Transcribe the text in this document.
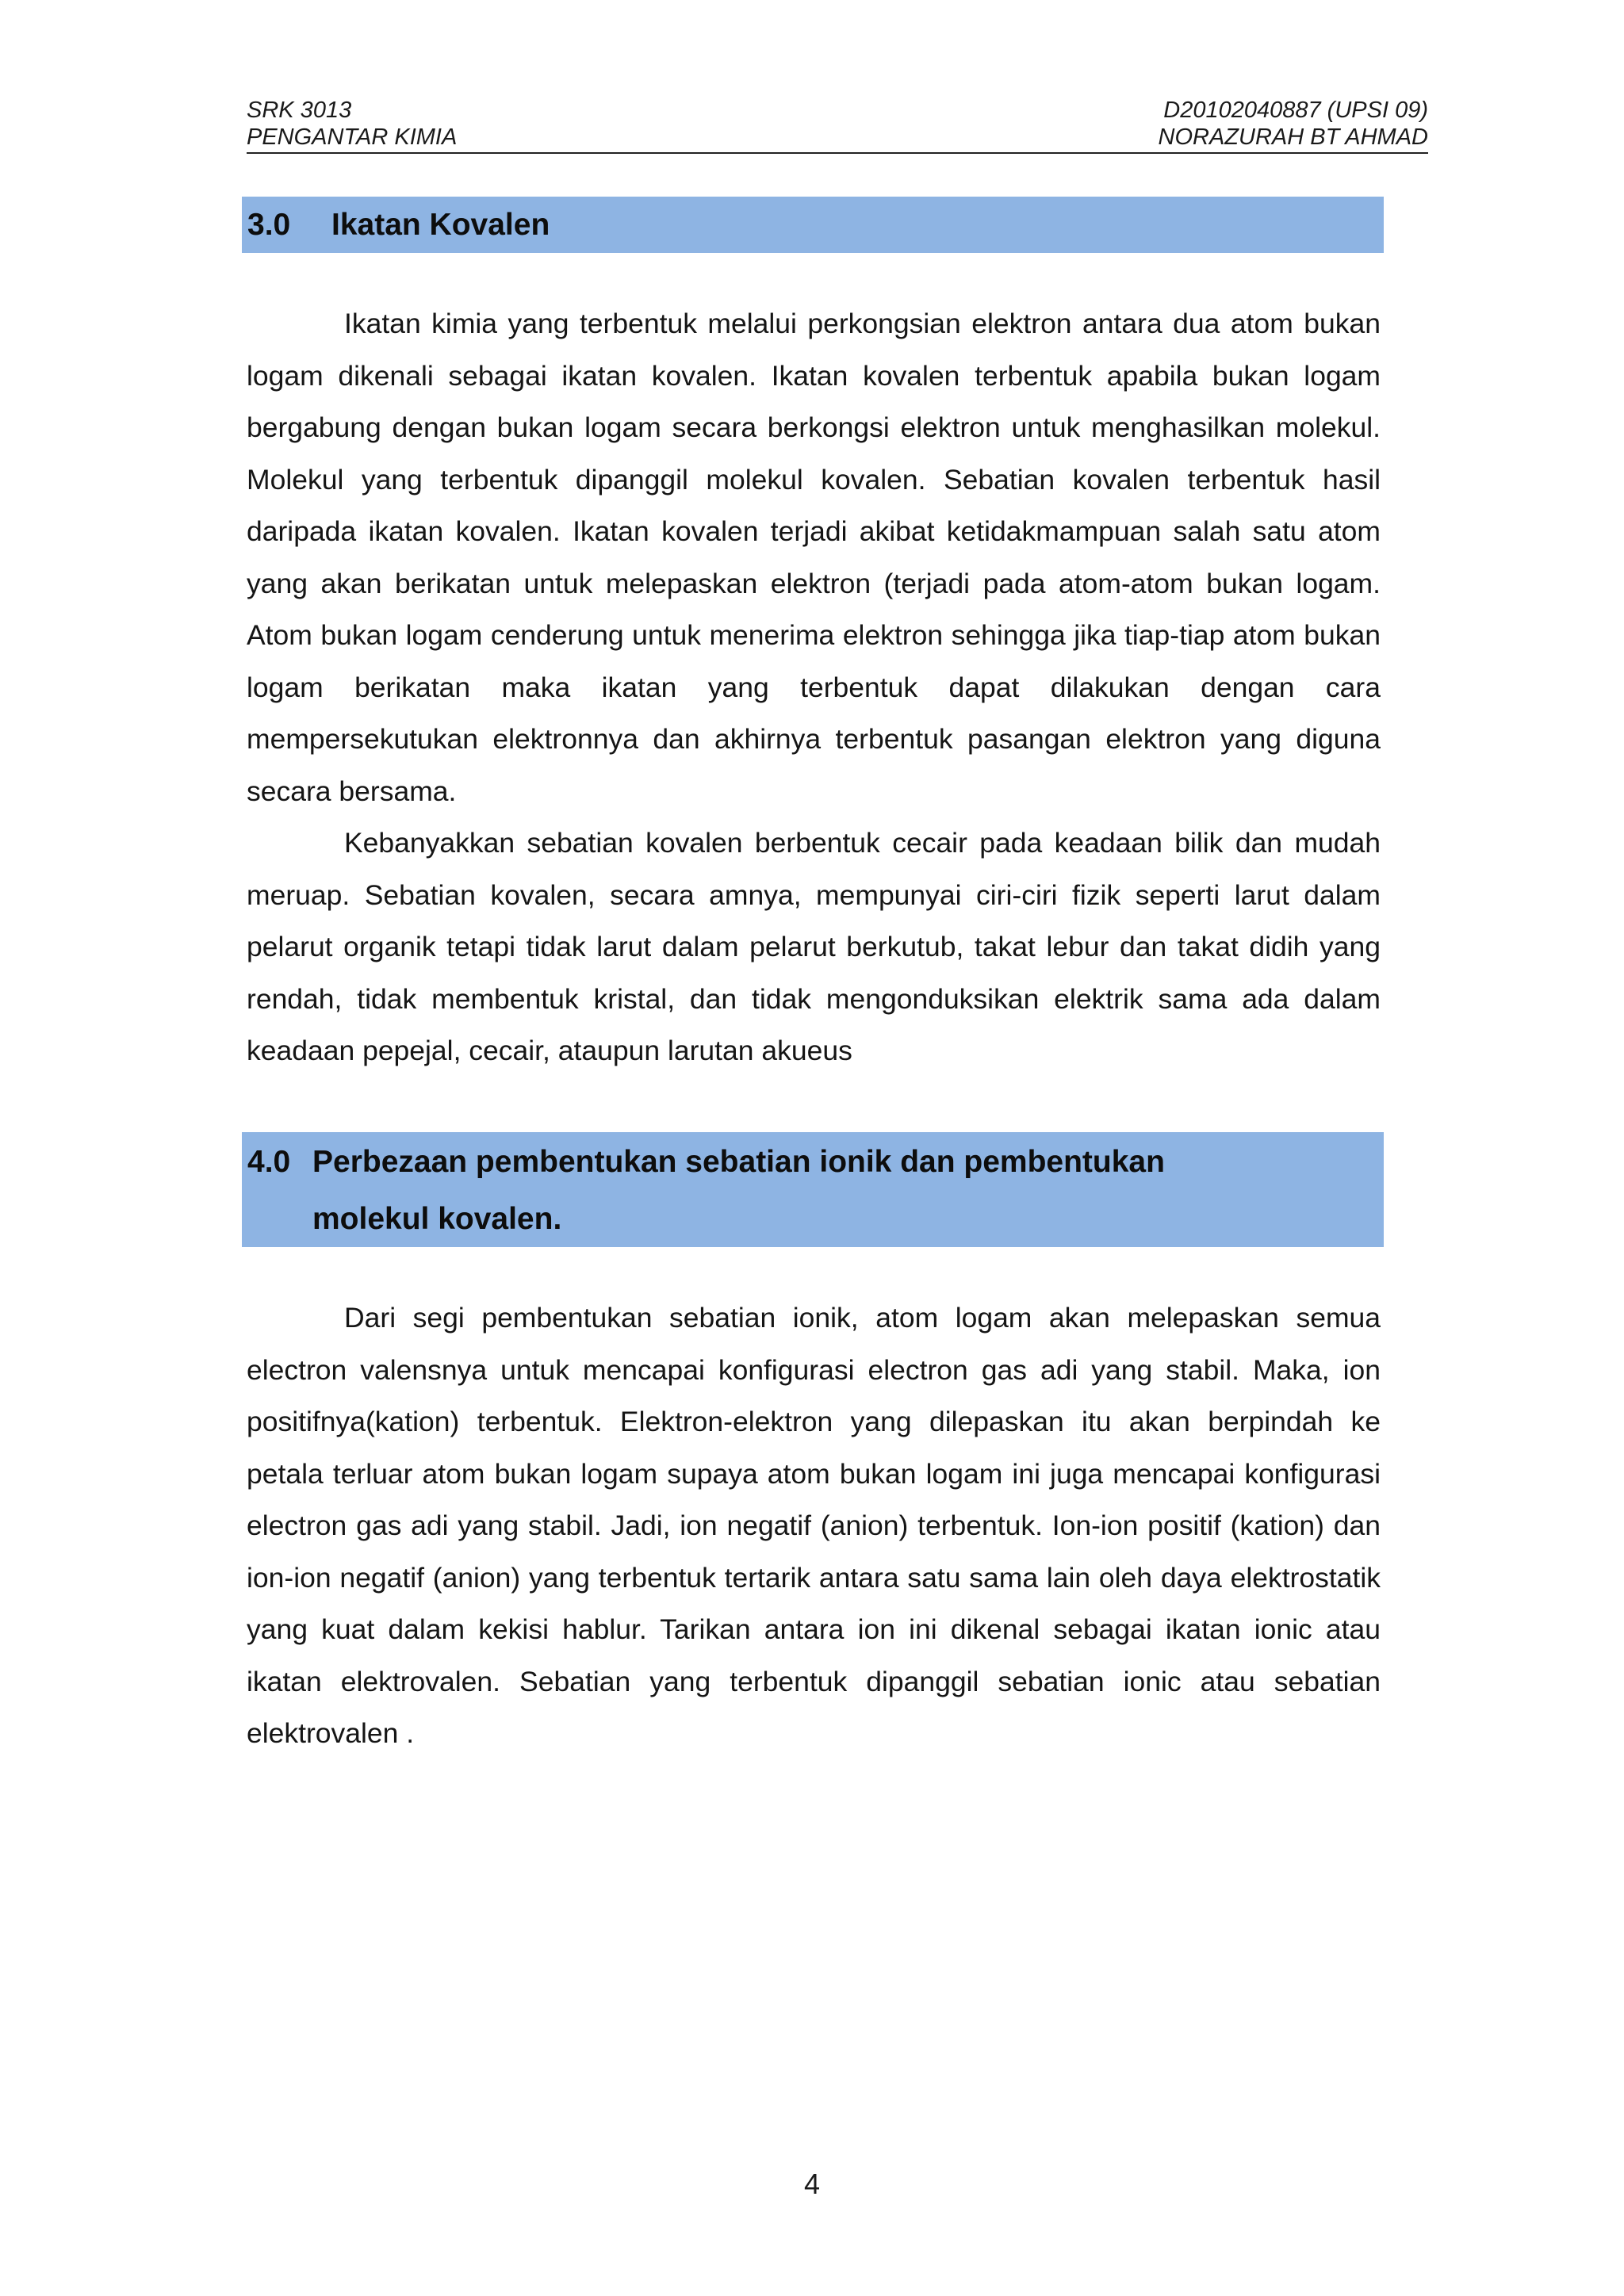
SRK 3013
PENGANTAR KIMIA
D20102040887 (UPSI 09)
NORAZURAH BT AHMAD
3.0 Ikatan Kovalen

Ikatan kimia yang terbentuk melalui perkongsian elektron antara dua atom bukan logam dikenali sebagai ikatan kovalen. Ikatan kovalen terbentuk apabila bukan logam bergabung dengan bukan logam secara berkongsi elektron untuk menghasilkan molekul. Molekul yang terbentuk dipanggil molekul kovalen. Sebatian kovalen terbentuk hasil daripada ikatan kovalen. Ikatan kovalen terjadi akibat ketidakmampuan salah satu atom yang akan berikatan untuk melepaskan elektron (terjadi pada atom-atom bukan logam. Atom bukan logam cenderung untuk menerima elektron sehingga jika tiap-tiap atom bukan logam berikatan maka ikatan yang terbentuk dapat dilakukan dengan cara mempersekutukan elektronnya dan akhirnya terbentuk pasangan elektron yang diguna secara bersama.

Kebanyakkan sebatian kovalen berbentuk cecair pada keadaan bilik dan mudah meruap. Sebatian kovalen, secara amnya, mempunyai ciri-ciri fizik seperti larut dalam pelarut organik tetapi tidak larut dalam pelarut berkutub, takat lebur dan takat didih yang rendah, tidak membentuk kristal, dan tidak mengonduksikan elektrik sama ada dalam keadaan pepejal, cecair, ataupun larutan akueus

4.0 Perbezaan pembentukan sebatian ionik dan pembentukan
molekul kovalen.

Dari segi pembentukan sebatian ionik, atom logam akan melepaskan semua electron valensnya untuk mencapai konfigurasi electron gas adi yang stabil. Maka, ion positifnya(kation) terbentuk. Elektron-elektron yang dilepaskan itu akan berpindah ke petala terluar atom bukan logam supaya atom bukan logam ini juga mencapai konfigurasi electron gas adi yang stabil. Jadi, ion negatif (anion) terbentuk. Ion-ion positif (kation) dan ion-ion negatif (anion) yang terbentuk tertarik antara satu sama lain oleh daya elektrostatik yang kuat dalam kekisi hablur. Tarikan antara ion ini dikenal sebagai ikatan ionic atau ikatan elektrovalen. Sebatian yang terbentuk dipanggil sebatian ionic atau sebatian elektrovalen .

4
